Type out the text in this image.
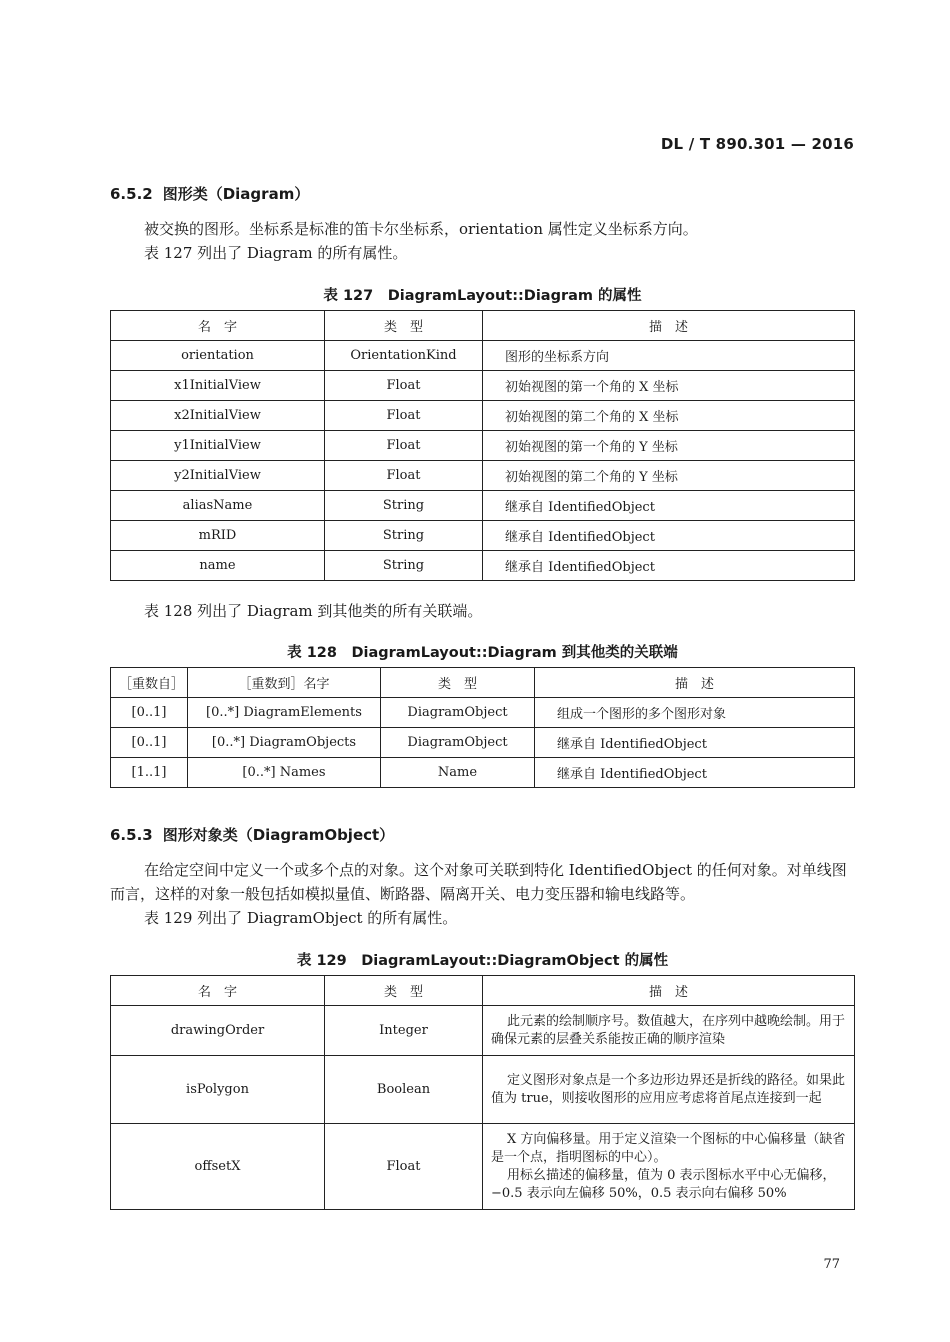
DL / T 890.301 — 2016
6.5.2 图形类（Diagram）

被交换的图形。坐标系是标准的笛卡尔坐标系，orientation 属性定义坐标系方向。

表 127 列出了 Diagram 的所有属性。

表 127　DiagramLayout::Diagram 的属性
名　字	类　型	描　述
orientation	OrientationKind	图形的坐标系方向
x1InitialView	Float	初始视图的第一个角的 X 坐标
x2InitialView	Float	初始视图的第二个角的 X 坐标
y1InitialView	Float	初始视图的第一个角的 Y 坐标
y2InitialView	Float	初始视图的第二个角的 Y 坐标
aliasName	String	继承自 IdentifiedObject
mRID	String	继承自 IdentifiedObject
name	String	继承自 IdentifiedObject

表 128 列出了 Diagram 到其他类的所有关联端。

表 128　DiagramLayout::Diagram 到其他类的关联端
［重数自］	［重数到］名字	类　型	描　述
[0..1]	[0..*] DiagramElements	DiagramObject	组成一个图形的多个图形对象
[0..1]	[0..*] DiagramObjects	DiagramObject	继承自 IdentifiedObject
[1..1]	[0..*] Names	Name	继承自 IdentifiedObject
6.5.3 图形对象类（DiagramObject）

在给定空间中定义一个或多个点的对象。这个对象可关联到特化 IdentifiedObject 的任何对象。对单线图而言，这样的对象一般包括如模拟量值、断路器、隔离开关、电力变压器和输电线路等。

表 129 列出了 DiagramObject 的所有属性。

表 129　DiagramLayout::DiagramObject 的属性
名　字	类　型	描　述
drawingOrder	Integer	此元素的绘制顺序号。数值越大，在序列中越晚绘制。用于确保元素的层叠关系能按正确的顺序渲染

isPolygon	Boolean	定义图形对象点是一个多边形边界还是折线的路径。如果此值为 true，则接收图形的应用应考虑将首尾点连接到一起

offsetX	Float	X 方向偏移量。用于定义渲染一个图标的中心偏移量（缺省是一个点，指明图标的中心）。
用标幺描述的偏移量，值为 0 表示图标水平中心无偏移，−0.5 表示向左偏移 50%，0.5 表示向右偏移 50%
77
